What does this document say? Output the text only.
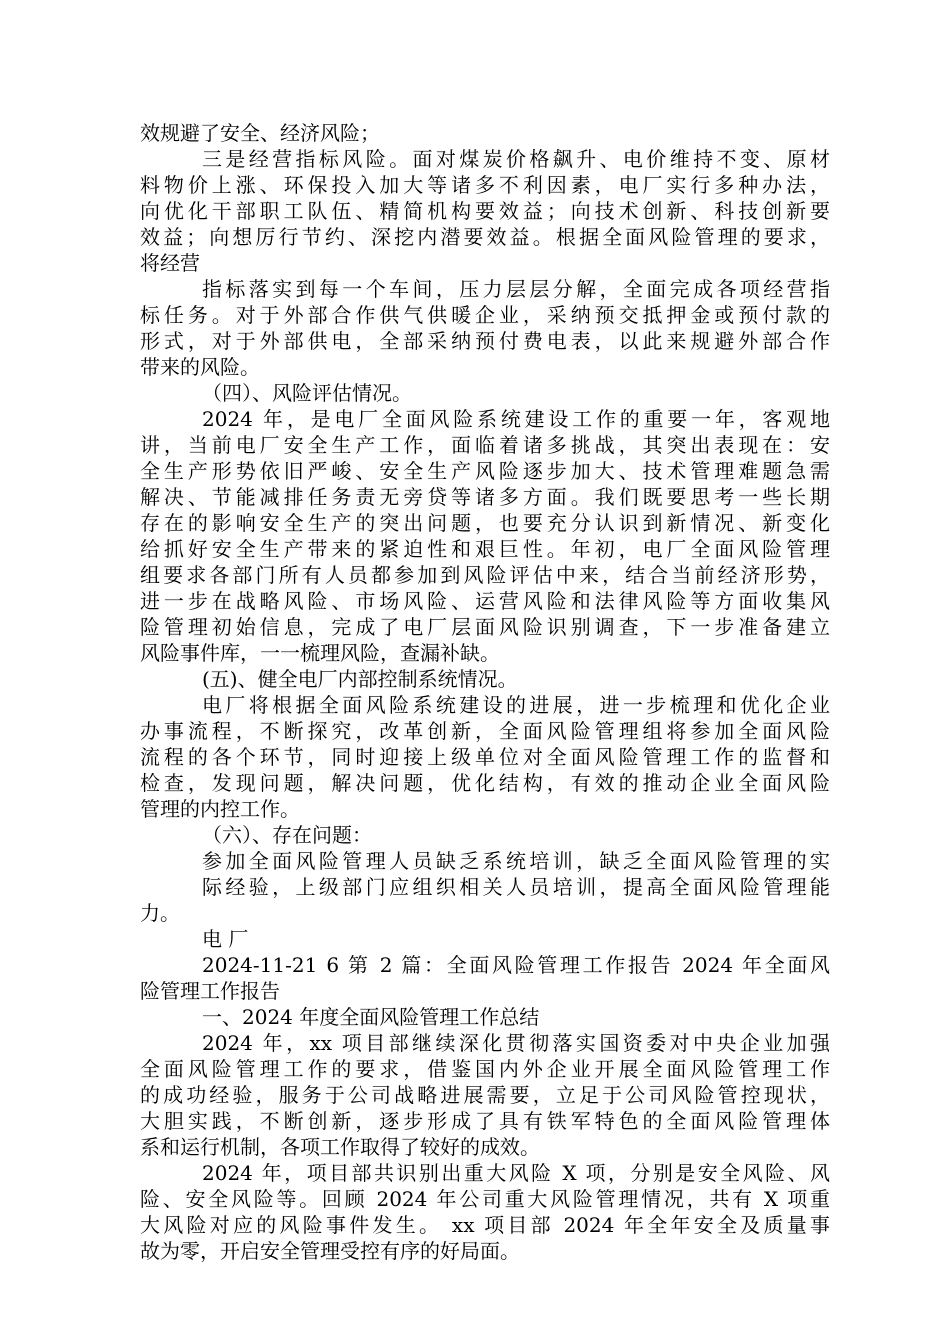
效规避了安全、经济风险；
三是经营指标风险。面对煤炭价格飙升、电价维持不变、原材
料物价上涨、环保投入加大等诸多不利因素，电厂实行多种办法，
向优化干部职工队伍、精简机构要效益；向技术创新、科技创新要
效益；向想厉行节约、深挖内潜要效益。根据全面风险管理的要求，
将经营
指标落实到每一个车间，压力层层分解，全面完成各项经营指
标任务。对于外部合作供气供暖企业，采纳预交抵押金或预付款的
形式，对于外部供电，全部采纳预付费电表，以此来规避外部合作
带来的风险。
（四）、风险评估情况。
2024 年，是电厂全面风险系统建设工作的重要一年，客观地
讲，当前电厂安全生产工作，面临着诸多挑战，其突出表现在：安
全生产形势依旧严峻、安全生产风险逐步加大、技术管理难题急需
解决、节能减排任务责无旁贷等诸多方面。我们既要思考一些长期
存在的影响安全生产的突出问题，也要充分认识到新情况、新变化
给抓好安全生产带来的紧迫性和艰巨性。年初，电厂全面风险管理
组要求各部门所有人员都参加到风险评估中来，结合当前经济形势，
进一步在战略风险、市场风险、运营风险和法律风险等方面收集风
险管理初始信息，完成了电厂层面风险识别调查，下一步准备建立
风险事件库，一一梳理风险，查漏补缺。
(五)、健全电厂内部控制系统情况。
电厂将根据全面风险系统建设的进展，进一步梳理和优化企业
办事流程，不断探究，改革创新，全面风险管理组将参加全面风险
流程的各个环节，同时迎接上级单位对全面风险管理工作的监督和
检查，发现问题，解决问题，优化结构，有效的推动企业全面风险
管理的内控工作。
（六）、存在问题：
参加全面风险管理人员缺乏系统培训，缺乏全面风险管理的实
际经验，上级部门应组织相关人员培训，提高全面风险管理能
力。
电 厂
2024-11-21 6 第 2 篇：全面风险管理工作报告 2024 年全面风
险管理工作报告
一、2024 年度全面风险管理工作总结
2024 年，xx 项目部继续深化贯彻落实国资委对中央企业加强
全面风险管理工作的要求，借鉴国内外企业开展全面风险管理工作
的成功经验，服务于公司战略进展需要，立足于公司风险管控现状，
大胆实践，不断创新，逐步形成了具有铁军特色的全面风险管理体
系和运行机制，各项工作取得了较好的成效。
2024 年，项目部共识别出重大风险 X 项，分别是安全风险、风
险、安全风险等。回顾 2024 年公司重大风险管理情况，共有 X 项重
大风险对应的风险事件发生。 xx 项目部 2024 年全年安全及质量事
故为零，开启安全管理受控有序的好局面。
